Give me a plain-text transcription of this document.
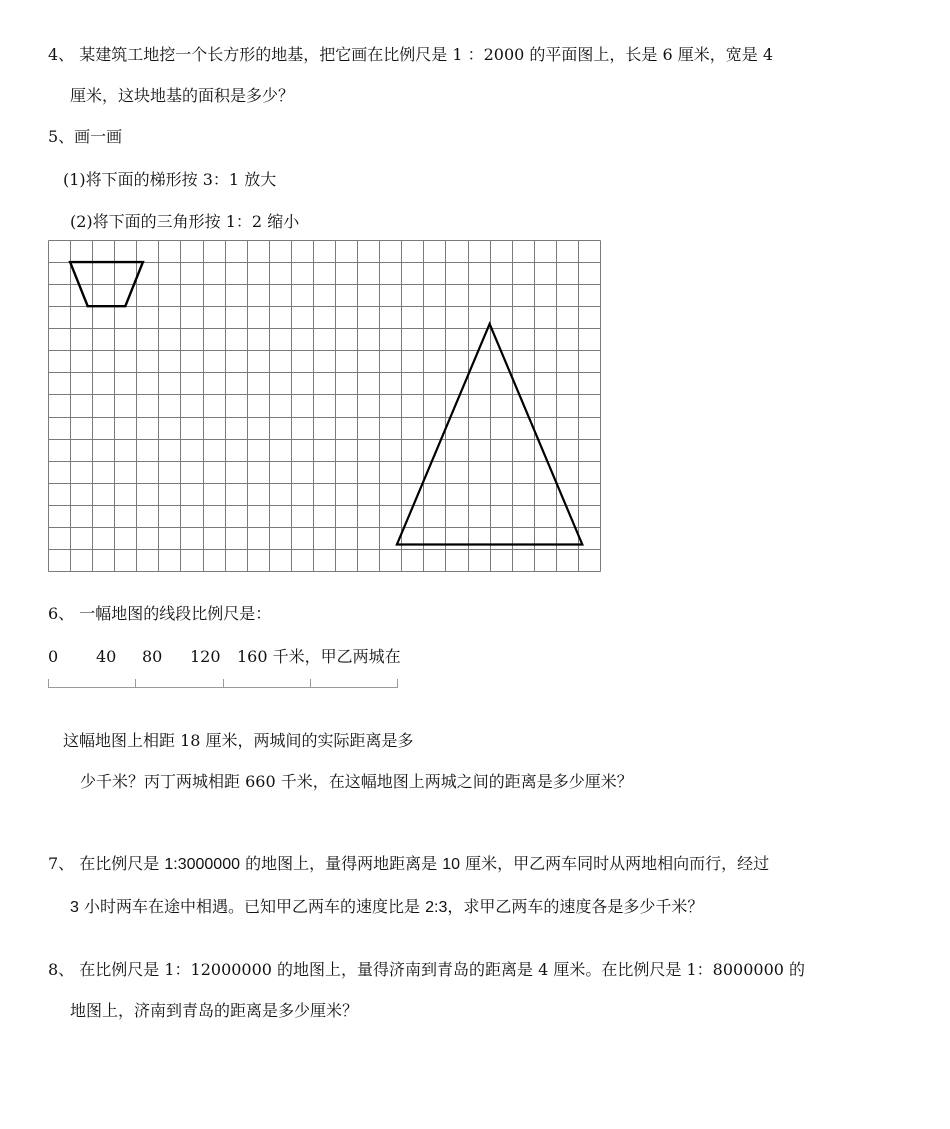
4、 某建筑工地挖一个长方形的地基，把它画在比例尺是 1 ：2000 的平面图上，长是 6 厘米，宽是 4
厘米，这块地基的面积是多少？
5、画一画
(1)将下面的梯形按 3：1 放大
(2)将下面的三角形按 1：2 缩小
6、 一幅地图的线段比例尺是：
0 40 80 120 160 千米，甲乙两城在
这幅地图上相距 18 厘米，两城间的实际距离是多
少千米？丙丁两城相距 660 千米，在这幅地图上两城之间的距离是多少厘米？
7、 在比例尺是 1:3000000 的地图上，量得两地距离是 10 厘米，甲乙两车同时从两地相向而行，经过
3 小时两车在途中相遇。已知甲乙两车的速度比是 2:3，求甲乙两车的速度各是多少千米？
8、 在比例尺是 1：12000000 的地图上，量得济南到青岛的距离是 4 厘米。在比例尺是 1：8000000 的
地图上，济南到青岛的距离是多少厘米？
